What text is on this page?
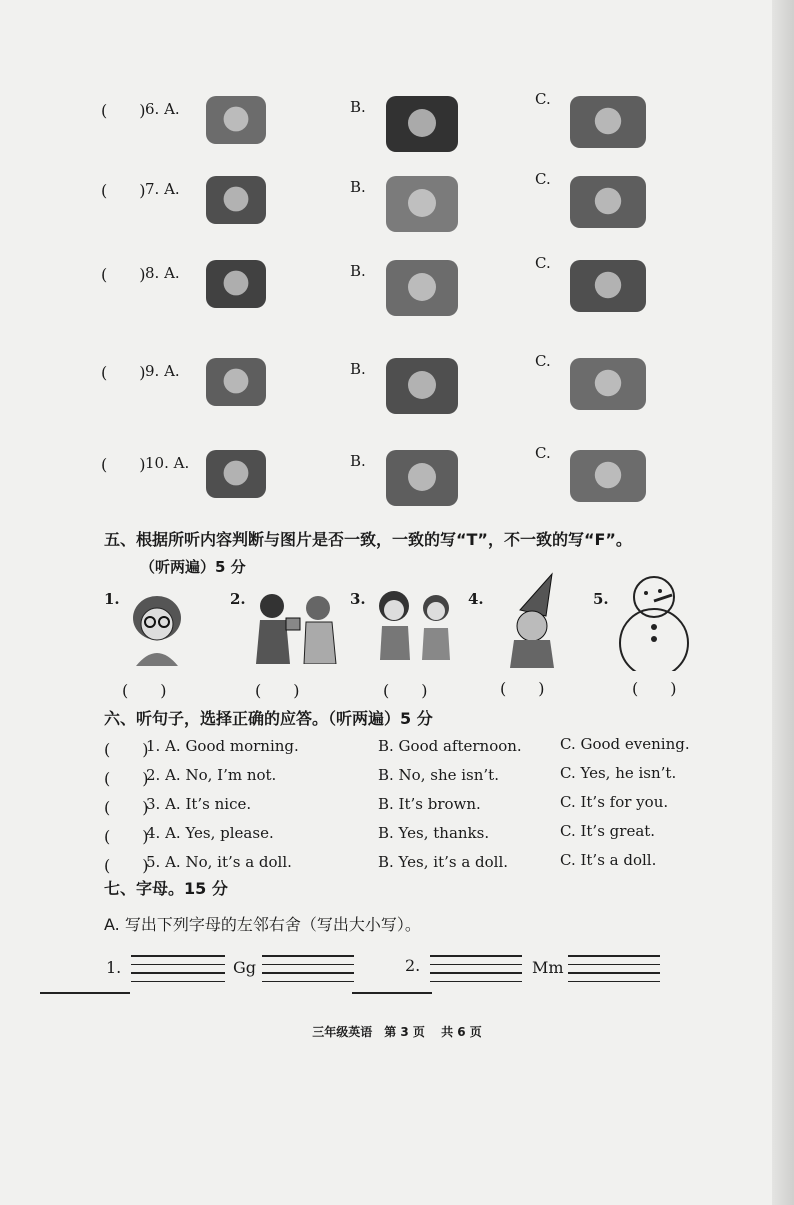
(　　) 6. A.	B.	C.
(　　) 7. A.	B.	C.
(　　) 8. A.	B.	C.
(　　) 9. A.	B.	C.
(　　) 10. A.	B.	C.
五、根据所听内容判断与图片是否一致，一致的写“T”，不一致的写“F”。
（听两遍）5 分
1.	2.	3.	4.	5.
(　　)	(　　)	(　　)	(　　)	(　　)
六、听句子，选择正确的应答。（听两遍）5 分
(　　)
1. A. Good morning.	B. Good afternoon.	C. Good evening.
(　　)
2. A. No, I’m not.	B. No, she isn’t.	C. Yes, he isn’t.
(　　)
3. A. It’s nice.	B. It’s brown.	C. It’s for you.
(　　)
4. A. Yes, please.	B. Yes, thanks.	C. It’s great.
(　　)
5. A. No, it’s a doll.	B. Yes, it’s a doll.	C. It’s a doll.
七、字母。15 分
A. 写出下列字母的左邻右舍（写出大小写）。
1.	Gg	2.	Mm
三年级英语　第 3 页　 共 6 页
